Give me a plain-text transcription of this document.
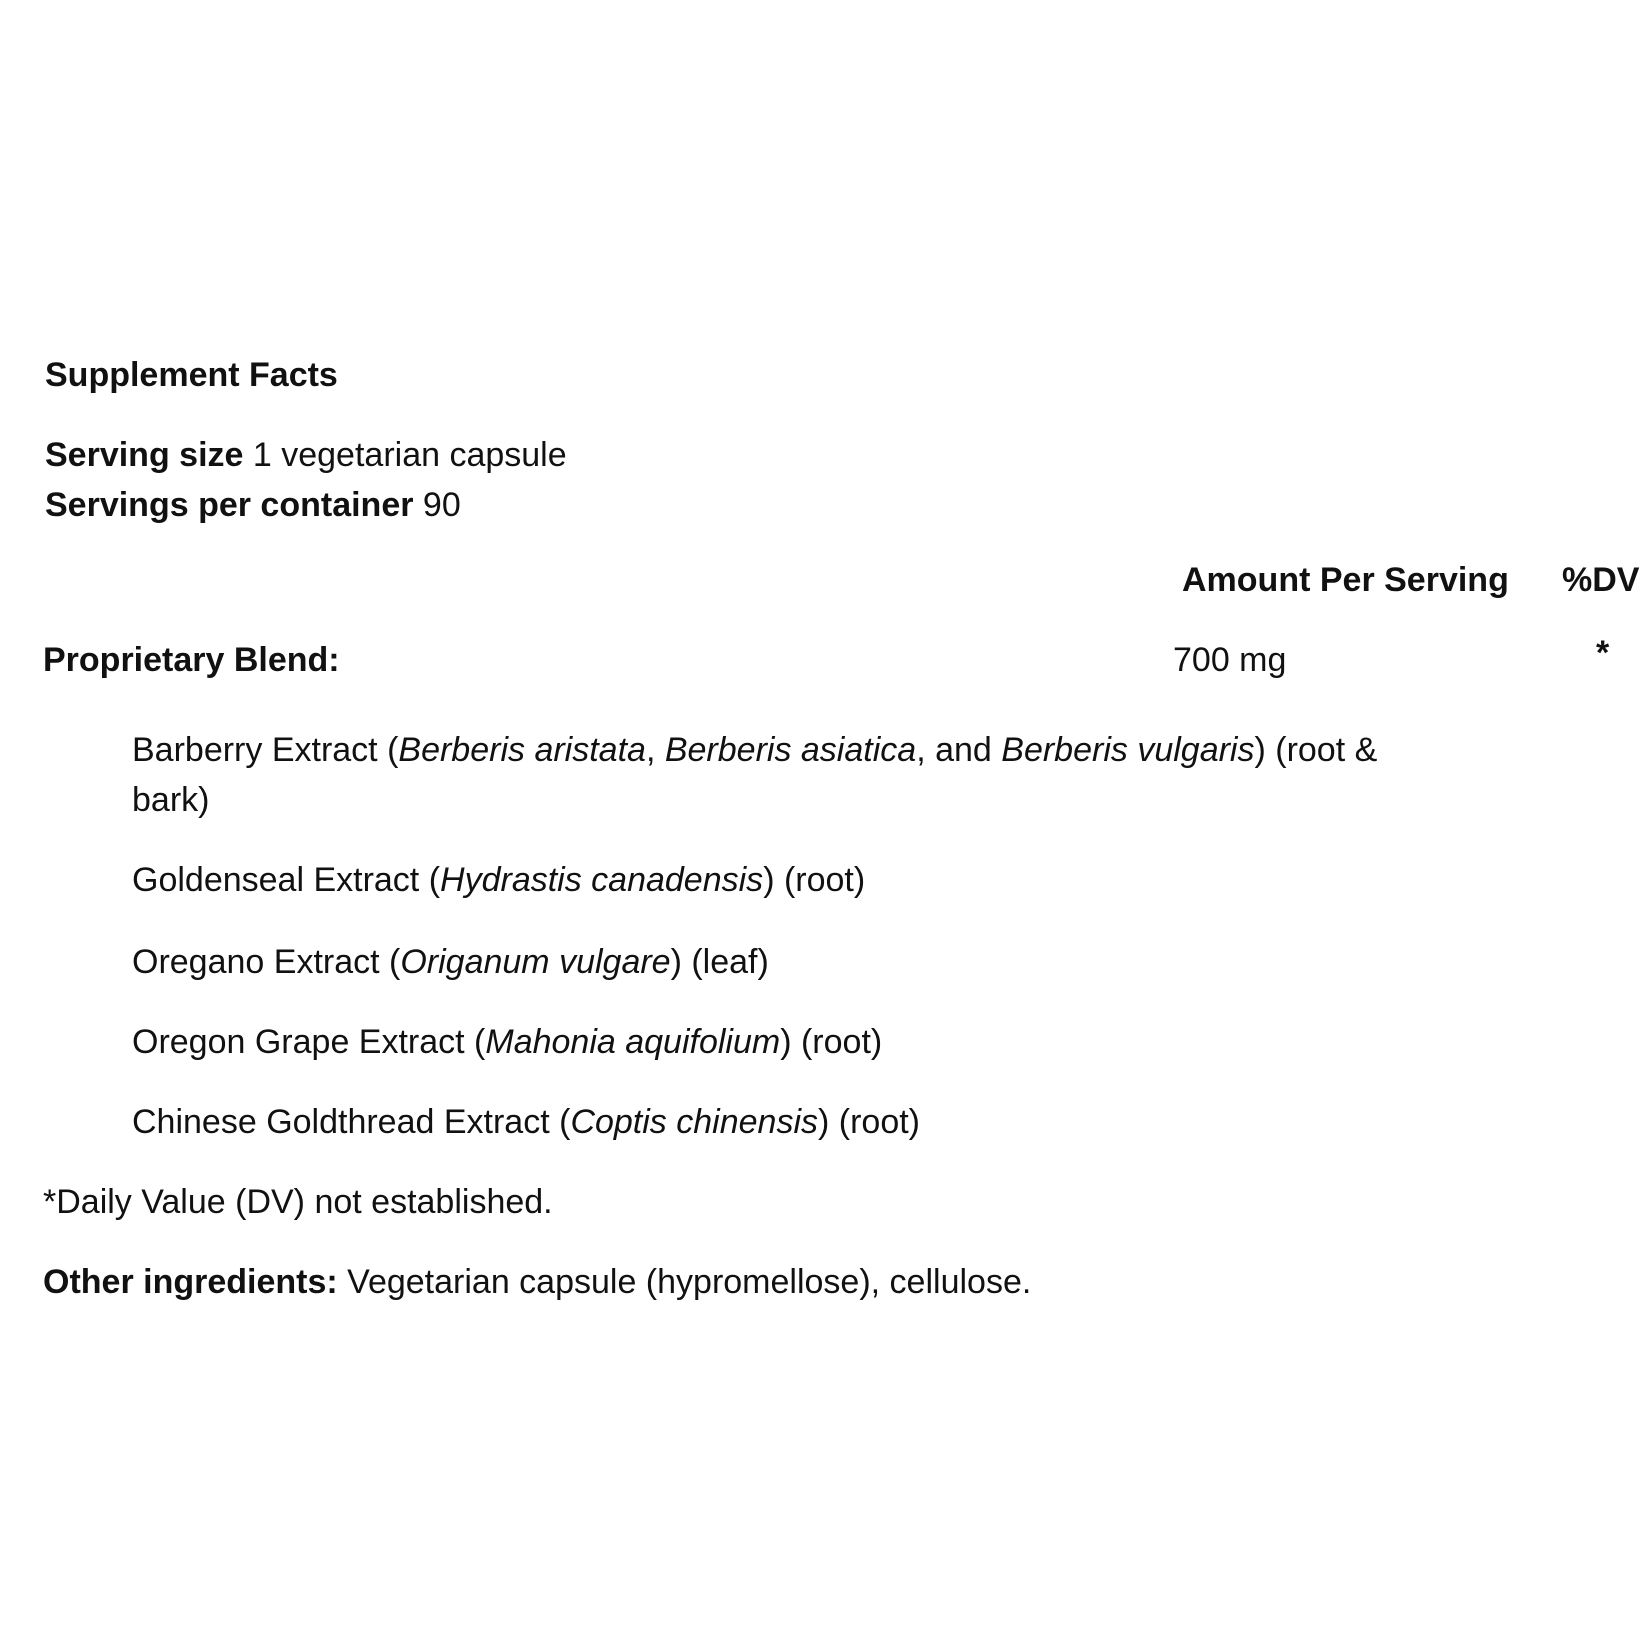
Supplement Facts
Serving size 1 vegetarian capsule
Servings per container 90
Amount Per Serving %DV
Proprietary Blend:	700 mg	*
Barberry Extract (Berberis aristata, Berberis asiatica, and Berberis vulgaris) (root & bark)
Goldenseal Extract (Hydrastis canadensis) (root)
Oregano Extract (Origanum vulgare) (leaf)
Oregon Grape Extract (Mahonia aquifolium) (root)
Chinese Goldthread Extract (Coptis chinensis) (root)
*Daily Value (DV) not established.
Other ingredients: Vegetarian capsule (hypromellose), cellulose.
